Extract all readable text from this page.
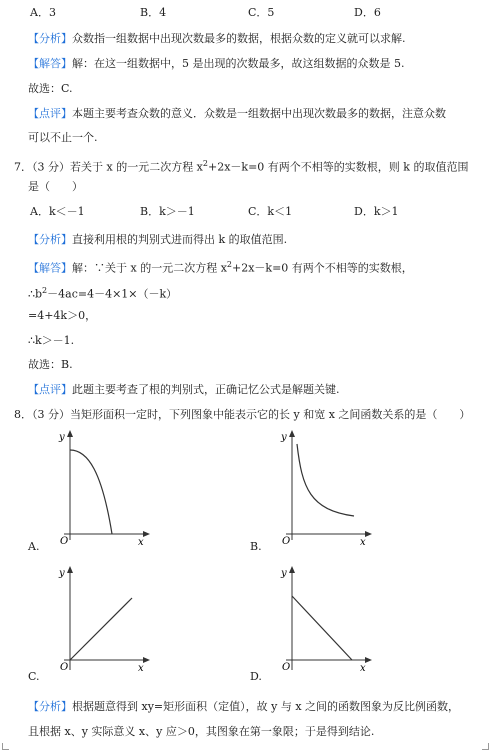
A．3	B．4	C．5	D．6
【分析】众数指一组数据中出现次数最多的数据，根据众数的定义就可以求解.
【解答】解：在这一组数据中，5 是出现的次数最多，故这组数据的众数是 5.
故选：C.
【点评】本题主要考查众数的意义．众数是一组数据中出现次数最多的数据，注意众数
可以不止一个.
7．（3 分）若关于 x 的一元二次方程 $x^2+2x-k=0$ 有两个不相等的实数根，则 k 的取值范围
是（　　）
A．k＜－1	B．k＞－1	C．k＜1	D．k＞1
【分析】直接利用根的判别式进而得出 k 的取值范围.
【解答】解：∵关于 x 的一元二次方程 $x^2+2x-k=0$ 有两个不相等的实数根，
$\therefore b^2-4ac=4-4\times 1\times(-k)$
=4+4k＞0，
∴k＞－1.
故选：B.
【点评】此题主要考查了根的判别式，正确记忆公式是解题关键.
8．（3 分）当矩形面积一定时，下列图象中能表示它的长 y 和宽 x 之间函数关系的是（　　）
y
x
O
A.
y
x
O
B.
y
x
O
C.
y
x
O
D.
【分析】根据题意得到 xy=矩形面积（定值），故 y 与 x 之间的函数图象为反比例函数，
且根据 x、y 实际意义 x、y 应＞0，其图象在第一象限；于是得到结论.
